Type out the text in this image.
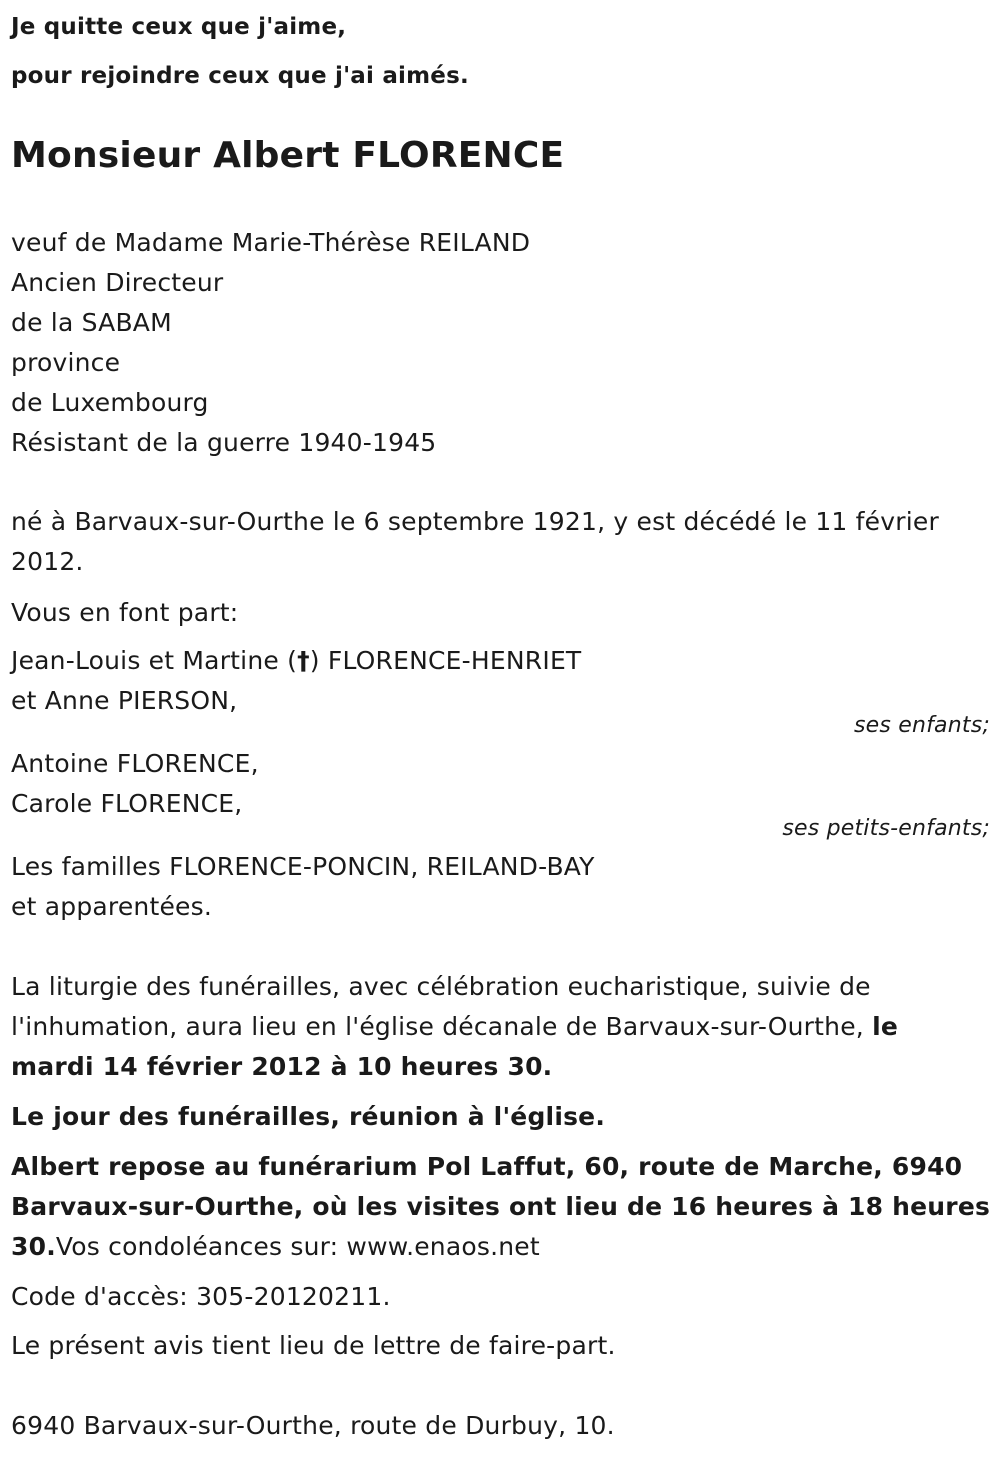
Je quitte ceux que j'aime,
pour rejoindre ceux que j'ai aimés.
Monsieur Albert FLORENCE
veuf de Madame Marie-Thérèse REILAND
Ancien Directeur
de la SABAM
province
de Luxembourg
Résistant de la guerre 1940-1945
né à Barvaux-sur-Ourthe le 6 septembre 1921, y est décédé le 11 février
2012.
Vous en font part:
Jean-Louis et Martine (†) FLORENCE-HENRIET
et Anne PIERSON,
ses enfants;
Antoine FLORENCE,
Carole FLORENCE,
ses petits-enfants;
Les familles FLORENCE-PONCIN, REILAND-BAY
et apparentées.
La liturgie des funérailles, avec célébration eucharistique, suivie de
l'inhumation, aura lieu en l'église décanale de Barvaux-sur-Ourthe, le
mardi 14 février 2012 à 10 heures 30.
Le jour des funérailles, réunion à l'église.
Albert repose au funérarium Pol Laffut, 60, route de Marche, 6940
Barvaux-sur-Ourthe, où les visites ont lieu de 16 heures à 18 heures
30.Vos condoléances sur: www.enaos.net
Code d'accès: 305-20120211.
Le présent avis tient lieu de lettre de faire-part.
6940 Barvaux-sur-Ourthe, route de Durbuy, 10.
